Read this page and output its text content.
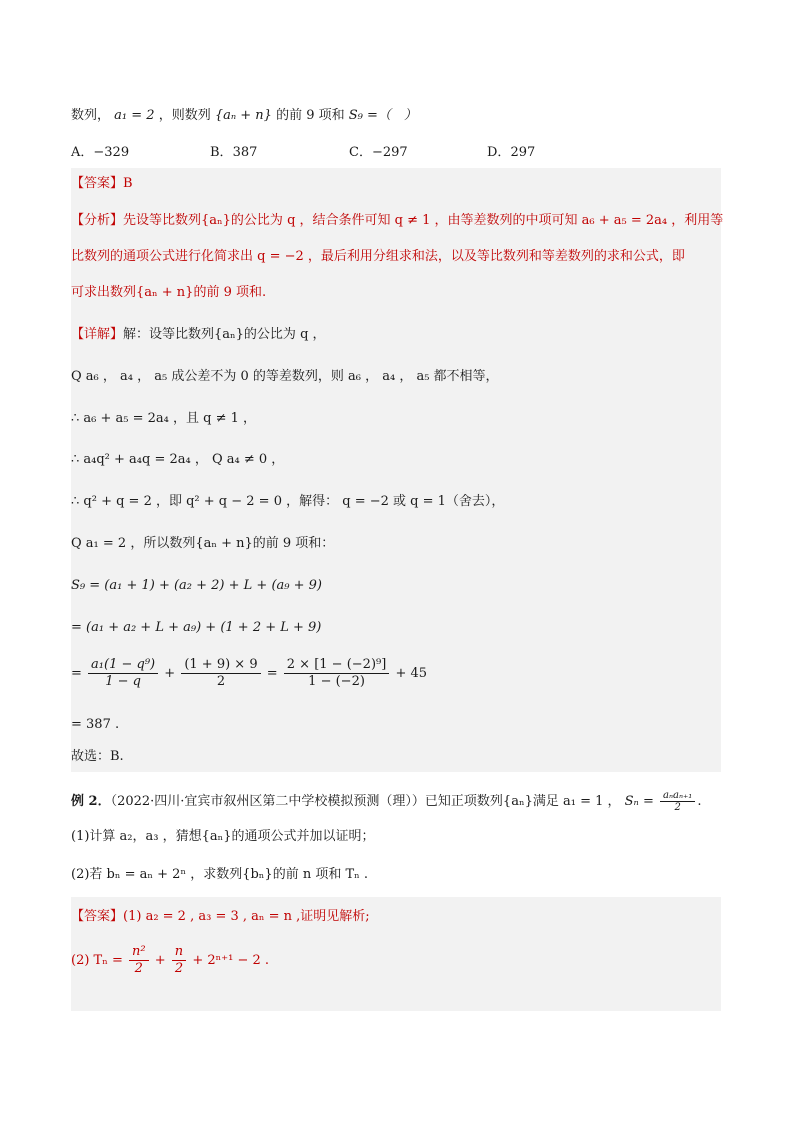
数列， a₁ = 2 ，则数列 {aₙ + n} 的前 9 项和 S₉ =（　）
A．−329	B．387	C．−297	D．297
【答案】B
【分析】先设等比数列{aₙ}的公比为 q ，结合条件可知 q ≠ 1 ，由等差数列的中项可知 a₆ + a₅ = 2a₄ ，利用等
比数列的通项公式进行化简求出 q = −2 ，最后利用分组求和法，以及等比数列和等差数列的求和公式，即
可求出数列{aₙ + n}的前 9 项和.
【详解】解：设等比数列{aₙ}的公比为 q ，
Q a₆ ， a₄ ， a₅ 成公差不为 0 的等差数列，则 a₆ ， a₄ ， a₅ 都不相等，
∴ a₆ + a₅ = 2a₄ ，且 q ≠ 1 ，
∴ a₄q² + a₄q = 2a₄ ， Q a₄ ≠ 0 ，
∴ q² + q = 2 ，即 q² + q − 2 = 0 ，解得： q = −2 或 q = 1（舍去），
Q a₁ = 2 ，所以数列{aₙ + n}的前 9 项和：
S₉ = (a₁ + 1) + (a₂ + 2) + L + (a₉ + 9)
= (a₁ + a₂ + L + a₉) + (1 + 2 + L + 9)
= $\frac{\text{a₁(1 − q⁹)}}{1 - q} + \frac{(1 + 9) \times 9}{2} = \frac{\text{2 × [1 − (−2)⁹]}}{1 - (-2)} + 45$
= 387 .
故选：B.
例 2．（2022·四川·宜宾市叙州区第二中学校模拟预测（理））已知正项数列{aₙ}满足 a₁ = 1 ， $S_n = \frac{\text{aₙaₙ₊₁}}{2}$ .
(1)计算 a₂，a₃ ，猜想{aₙ}的通项公式并加以证明；
(2)若 bₙ = aₙ + 2ⁿ ，求数列{bₙ}的前 n 项和 Tₙ .
【答案】(1) a₂ = 2 , a₃ = 3 , aₙ = n ,证明见解析;
(2) $T_n = \frac{\text{n²}}{2} + \frac{n}{2} + 2^{n+1} - 2$ .
